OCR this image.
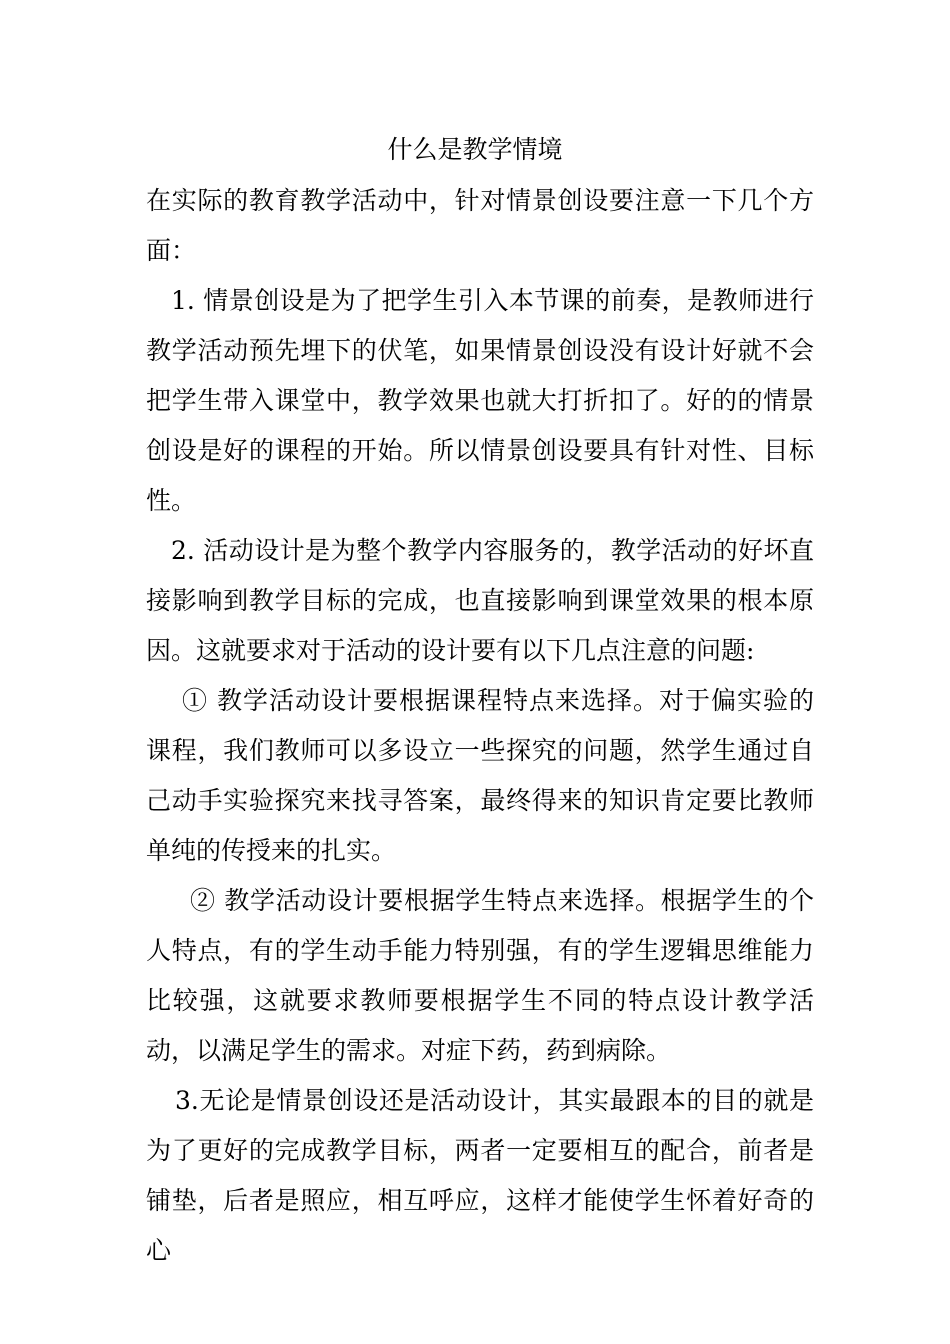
什么是教学情境

在实际的教育教学活动中，针对情景创设要注意一下几个方面：

1. 情景创设是为了把学生引入本节课的前奏，是教师进行教学活动预先埋下的伏笔，如果情景创设没有设计好就不会把学生带入课堂中，教学效果也就大打折扣了。好的的情景创设是好的课程的开始。所以情景创设要具有针对性、目标性。

2. 活动设计是为整个教学内容服务的，教学活动的好坏直接影响到教学目标的完成，也直接影响到课堂效果的根本原因。这就要求对于活动的设计要有以下几点注意的问题:

① 教学活动设计要根据课程特点来选择。对于偏实验的课程，我们教师可以多设立一些探究的问题，然学生通过自己动手实验探究来找寻答案，最终得来的知识肯定要比教师单纯的传授来的扎实。

② 教学活动设计要根据学生特点来选择。根据学生的个人特点，有的学生动手能力特别强，有的学生逻辑思维能力比较强，这就要求教师要根据学生不同的特点设计教学活动，以满足学生的需求。对症下药，药到病除。

3.无论是情景创设还是活动设计，其实最跟本的目的就是为了更好的完成教学目标，两者一定要相互的配合，前者是铺垫，后者是照应，相互呼应，这样才能使学生怀着好奇的心
